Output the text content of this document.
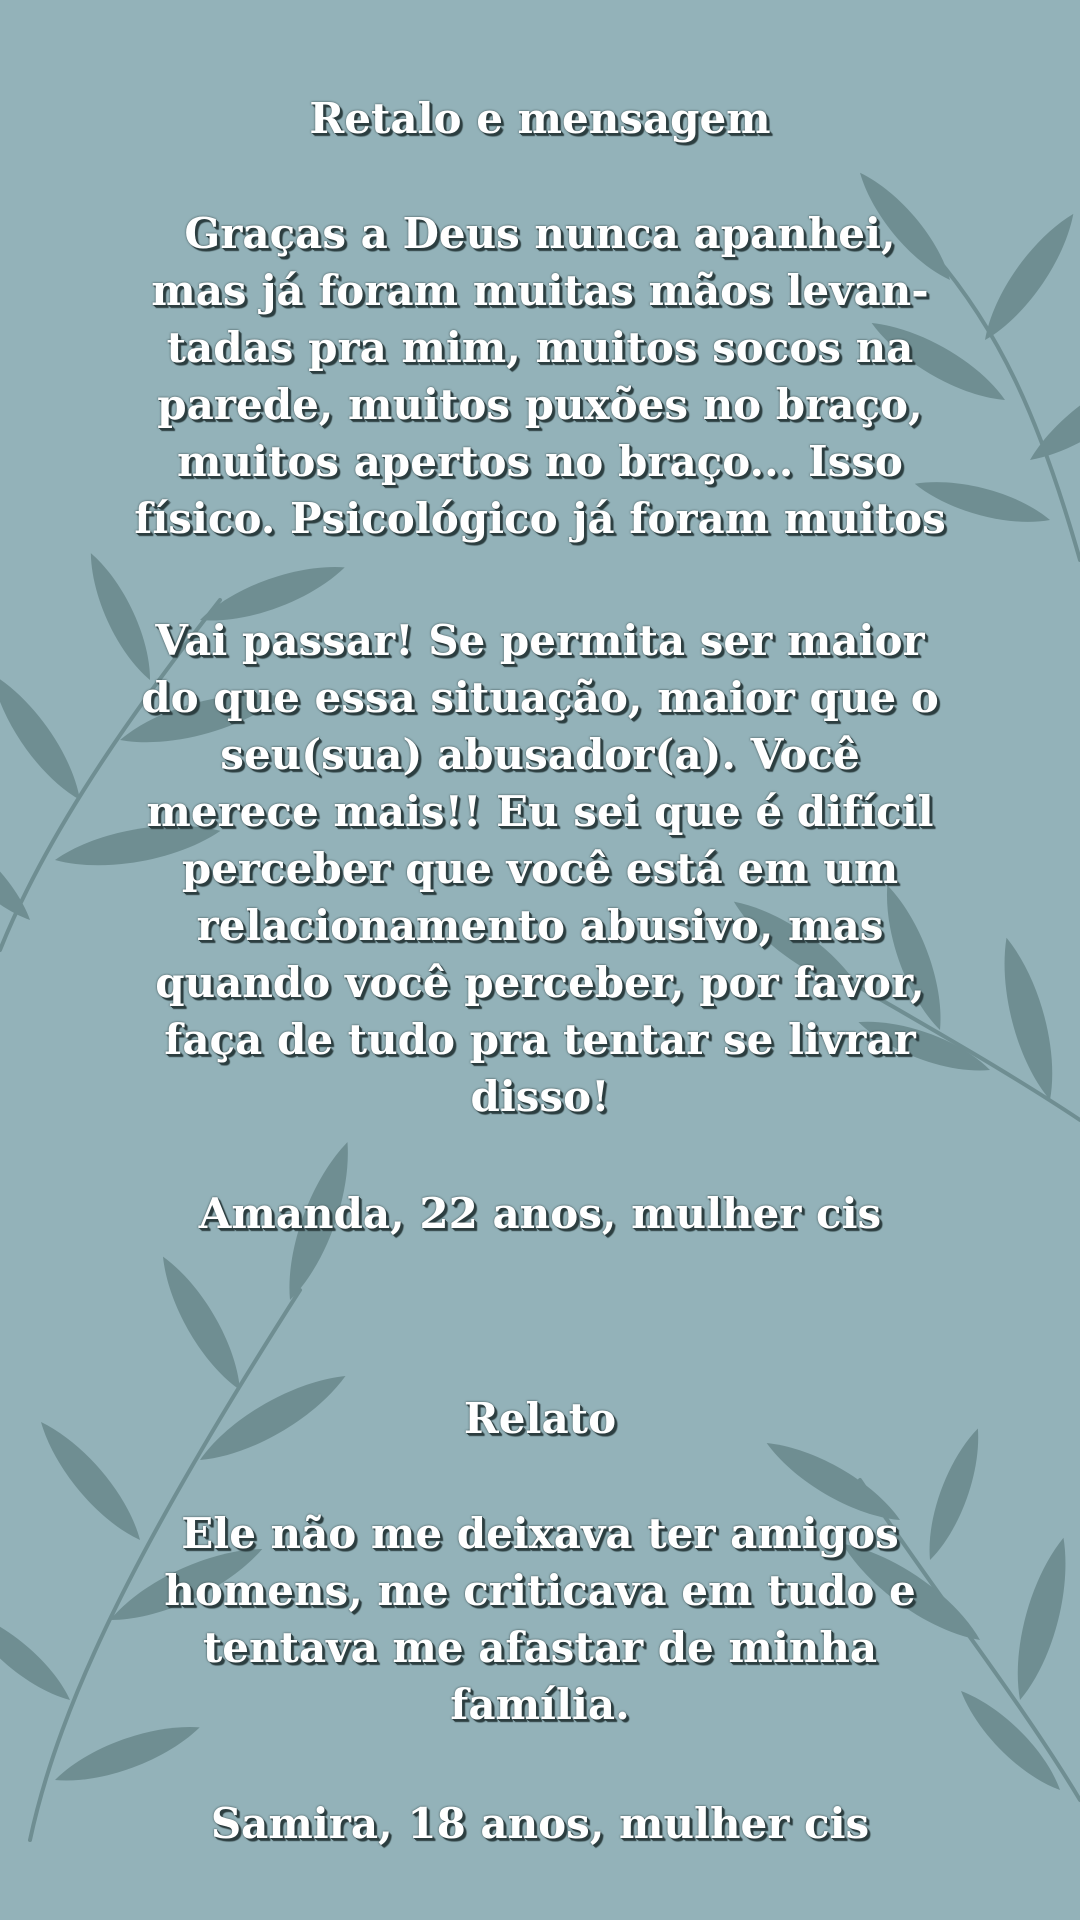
Retalo e mensagem

Graças a Deus nunca apanhei,

mas já foram muitas mãos levan-

tadas pra mim, muitos socos na

parede, muitos puxões no braço,

muitos apertos no braço... Isso

físico. Psicológico já foram muitos

Vai passar! Se permita ser maior

do que essa situação, maior que o

seu(sua) abusador(a). Você

merece mais!! Eu sei que é difícil

perceber que você está em um

relacionamento abusivo, mas

quando você perceber, por favor,

faça de tudo pra tentar se livrar

disso!

Amanda, 22 anos, mulher cis

Relato

Ele não me deixava ter amigos

homens, me criticava em tudo e

tentava me afastar de minha

família.

Samira, 18 anos, mulher cis
